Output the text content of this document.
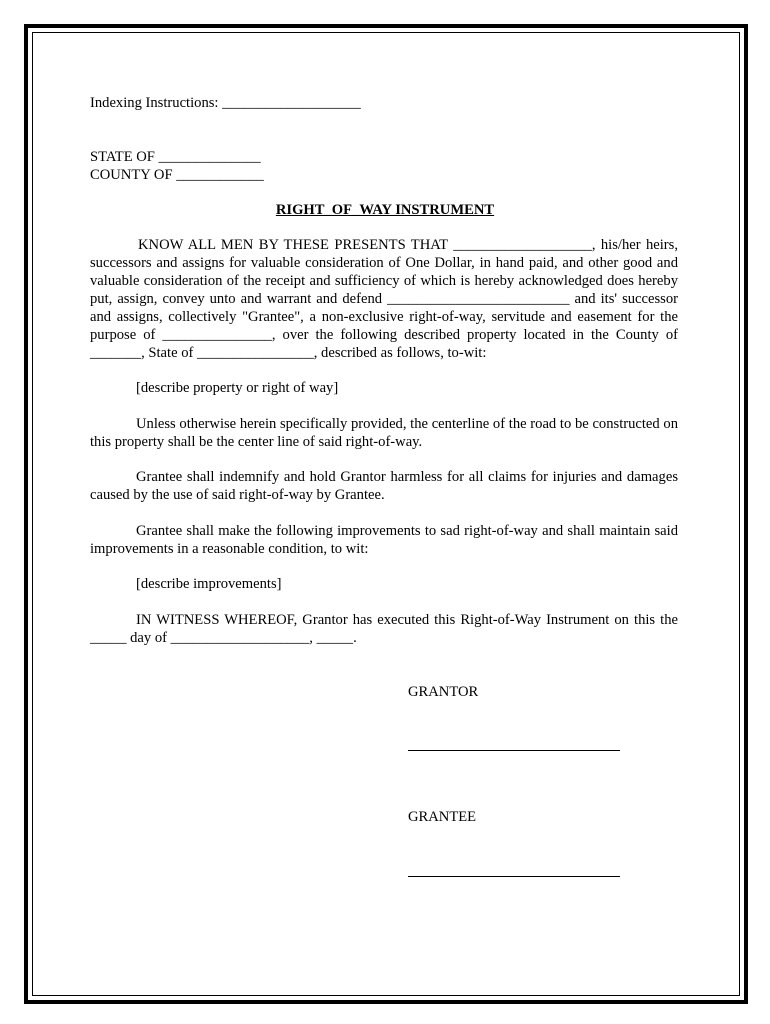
Indexing Instructions: ___________________
STATE OF ______________
COUNTY OF ____________
RIGHT_OF_WAY INSTRUMENT
KNOW ALL MEN BY THESE PRESENTS THAT ___________________, his/her heirs, successors and assigns for valuable consideration of One Dollar, in hand paid, and other good and valuable consideration of the receipt and sufficiency of which is hereby acknowledged does hereby put, assign, convey unto and warrant and defend _________________________ and its' successor and assigns, collectively "Grantee", a non-exclusive right-of-way, servitude and easement for the purpose of _______________, over the following described property located in the County of _______, State of ________________, described as follows, to-wit:
[describe property or right of way]
Unless otherwise herein specifically provided, the centerline of the road to be constructed on this property shall be the center line of said right-of-way.
Grantee shall indemnify and hold Grantor harmless for all claims for injuries and damages caused by the use of said right-of-way by Grantee.
Grantee shall make the following improvements to sad right-of-way and shall maintain said improvements in a reasonable condition, to wit:
[describe improvements]
IN WITNESS WHEREOF, Grantor has executed this Right-of-Way Instrument on this the _____ day of ___________________, _____.
GRANTOR
GRANTEE
